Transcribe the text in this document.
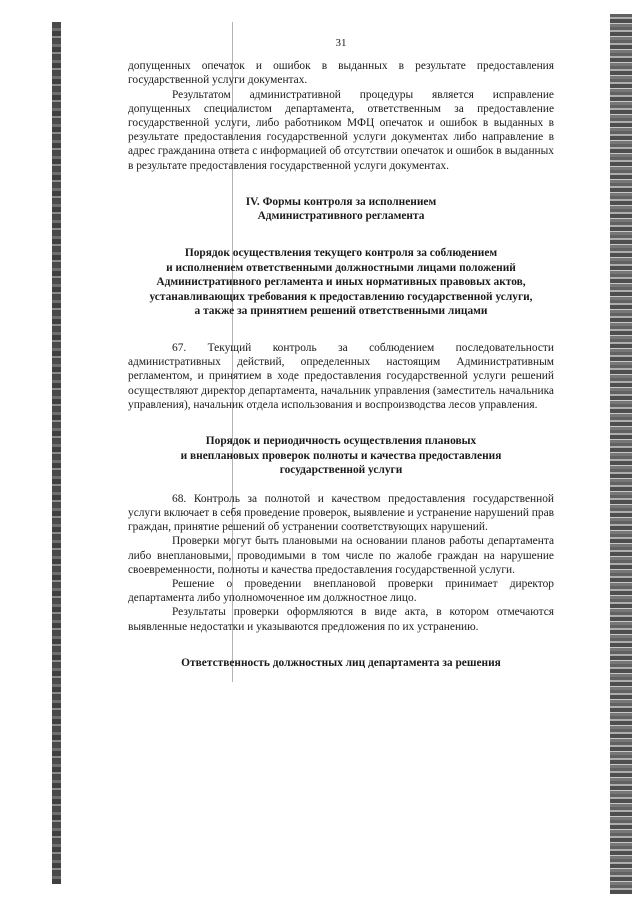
31

допущенных опечаток и ошибок в выданных в результате предоставления государственной услуги документах.

Результатом административной процедуры является исправление допущенных специалистом департамента, ответственным за предоставление государственной услуги, либо работником МФЦ опечаток и ошибок в выданных в результате предоставления государственной услуги документах либо направление в адрес гражданина ответа с информацией об отсутствии опечаток и ошибок в выданных в результате предоставления государственной услуги документах.

IV. Формы контроля за исполнением
Административного регламента
Порядок осуществления текущего контроля за соблюдением
и исполнением ответственными должностными лицами положений
Административного регламента и иных нормативных правовых актов,
устанавливающих требования к предоставлению государственной услуги,
а также за принятием решений ответственными лицами

67. Текущий контроль за соблюдением последовательности административных действий, определенных настоящим Административным регламентом, и принятием в ходе предоставления государственной услуги решений осуществляют директор департамента, начальник управления (заместитель начальника управления), начальник отдела использования и воспроизводства лесов управления.

Порядок и периодичность осуществления плановых
и внеплановых проверок полноты и качества предоставления
государственной услуги

68. Контроль за полнотой и качеством предоставления государственной услуги включает в себя проведение проверок, выявление и устранение нарушений прав граждан, принятие решений об устранении соответствующих нарушений.

Проверки могут быть плановыми на основании планов работы департамента либо внеплановыми, проводимыми в том числе по жалобе граждан на нарушение своевременности, полноты и качества предоставления государственной услуги.

Решение о проведении внеплановой проверки принимает директор департамента либо уполномоченное им должностное лицо.

Результаты проверки оформляются в виде акта, в котором отмечаются выявленные недостатки и указываются предложения по их устранению.

Ответственность должностных лиц департамента за решения
